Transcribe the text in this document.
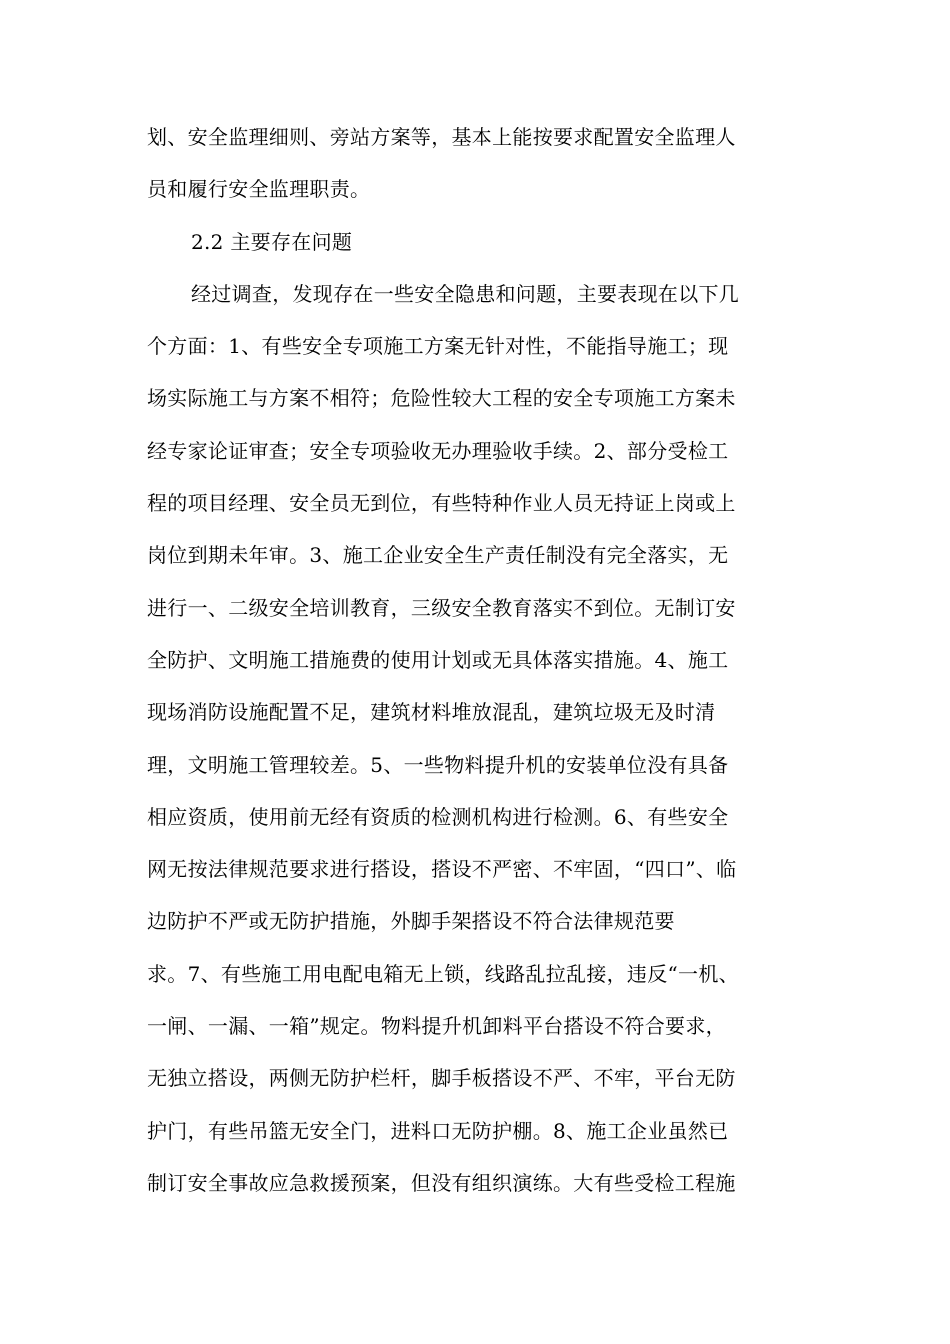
划、安全监理细则、旁站方案等，基本上能按要求配置安全监理人
员和履行安全监理职责。
2.2 主要存在问题
经过调查，发现存在一些安全隐患和问题，主要表现在以下几
个方面：1、有些安全专项施工方案无针对性，不能指导施工；现
场实际施工与方案不相符；危险性较大工程的安全专项施工方案未
经专家论证审查；安全专项验收无办理验收手续。2、部分受检工
程的项目经理、安全员无到位，有些特种作业人员无持证上岗或上
岗位到期未年审。3、施工企业安全生产责任制没有完全落实，无
进行一、二级安全培训教育，三级安全教育落实不到位。无制订安
全防护、文明施工措施费的使用计划或无具体落实措施。4、施工
现场消防设施配置不足，建筑材料堆放混乱，建筑垃圾无及时清
理，文明施工管理较差。5、一些物料提升机的安装单位没有具备
相应资质，使用前无经有资质的检测机构进行检测。6、有些安全
网无按法律规范要求进行搭设，搭设不严密、不牢固，“四口”、临
边防护不严或无防护措施，外脚手架搭设不符合法律规范要
求。7、有些施工用电配电箱无上锁，线路乱拉乱接，违反“一机、
一闸、一漏、一箱”规定。物料提升机卸料平台搭设不符合要求，
无独立搭设，两侧无防护栏杆，脚手板搭设不严、不牢，平台无防
护门，有些吊篮无安全门，进料口无防护棚。8、施工企业虽然已
制订安全事故应急救援预案，但没有组织演练。大有些受检工程施
